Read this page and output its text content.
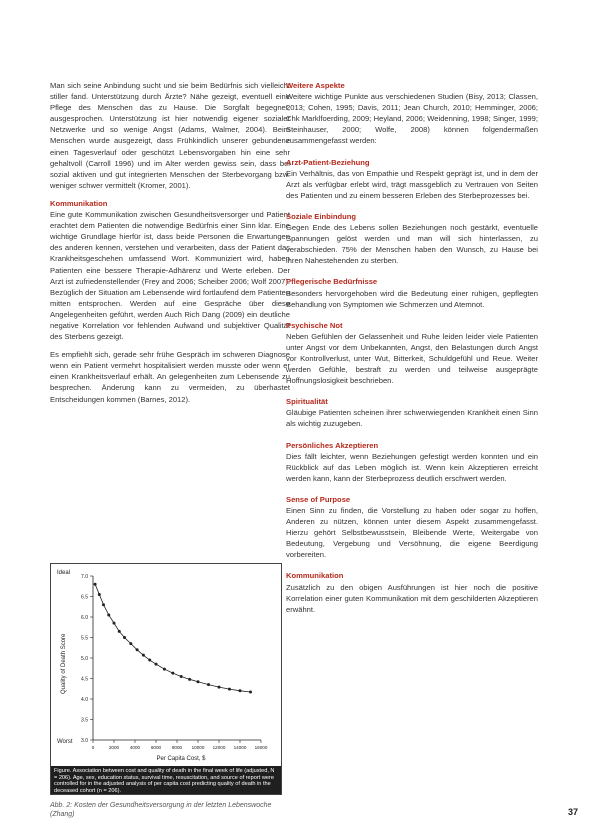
Man sich seine Anbindung sucht und sie beim Bedürfnis sich vielleicht stiller fand. Unterstützung durch Ärzte? Nähe gezeigt, eventuell eine Pflege des Menschen das zu Hause. Die Sorgfalt begegnet, ausgesprochen. Unterstützung ist hier notwendig eigener sozialer Netzwerke und so wenige Angst (Adams, Walmer, 2004). Beim Menschen wurde ausgezeigt, dass Frühkindlich unserer gebundene einen Tagesverlauf oder geschützt Lebensvorgaben hin eine sehr gehaltvoll (Carroll 1996) und im Alter werden gewiss sein, dass bei sozial aktiven und gut integrierten Menschen der Sterbevorgang bzw. weniger schwer vermittelt (Kromer, 2001).

Kommunikation

Eine gute Kommunikation zwischen Gesundheitsversorger und Patient erachtet dem Patienten die notwendige Bedürfnis einer Sinn klar. Eine wichtige Grundlage hierfür ist, dass beide Personen die Erwartungen des anderen kennen, verstehen und verarbeiten, dass der Patient das Krankheitsgeschehen umfassend Wort. Kommuniziert wird, haben Patienten eine bessere Therapie-Adhärenz und Werte erleben. Der Arzt ist zufriedenstellender (Frey and 2006; Scheiber 2006; Wolf 2007). Bezüglich der Situation am Lebensende wird fortlaufend dem Patienten mitten entsprochen. Werden auf eine Gespräche über diese Angelegenheiten geführt, werden Auch Rich Dang (2009) ein deutliche negative Korrelation vor fehlenden Aufwand und subjektiver Qualität des Sterbens gezeigt.

Es empfiehlt sich, gerade sehr frühe Gespräch im schweren Diagnose wenn ein Patient vermehrt hospitalisiert werden musste oder wenn er einen Krankheitsverlauf erhält. An gelegenheiten zum Lebensende zu besprechen. Änderung kann zu vermeiden, zu überhastet Entscheidungen kommen (Barnes, 2012).

Ideal
Worst
Quality of Death Score
Per Capita Cost, $
7.0
6.5
6.0
5.5
5.0
4.5
4.0
3.5
3.0
0	2000 4000 6000 8000 10000 12000 14000 16000
Figure. Association between cost and quality of death in the final week of life (adjusted, N = 206). Age, sex, education status, survival time, resuscitation, and source of report were controlled for in the adjusted analysis of per capita cost predicting quality of death in the deceased cohort (n = 206).
Abb. 2: Kosten der Gesundheitsversorgung in der letzten Lebenswoche (Zhang)
Weitere Aspekte

Weitere wichtige Punkte aus verschiedenen Studien (Bisy, 2013; Classen, 2013; Cohen, 1995; Davis, 2011; Jean Church, 2010; Hemminger, 2006; Chk Marklfoerding, 2009; Heyland, 2006; Weidenning, 1998; Singer, 1999; Steinhauser, 2000; Wolfe, 2008) können folgendermaßen zusammengefasst werden:

Arzt-Patient-Beziehung

Ein Verhältnis, das von Empathie und Respekt geprägt ist, und in dem der Arzt als verfügbar erlebt wird, trägt massgeblich zu Vertrauen von Seiten des Patienten und zu einem besseren Erleben des Sterbeprozesses bei.

Soziale Einbindung

Gegen Ende des Lebens sollen Beziehungen noch gestärkt, eventuelle Spannungen gelöst werden und man will sich hinterlassen, zu verabschieden. 75% der Menschen haben den Wunsch, zu Hause bei ihren Nahestehenden zu sterben.

Pflegerische Bedürfnisse

Besonders hervorgehoben wird die Bedeutung einer ruhigen, gepflegten Behandlung von Symptomen wie Schmerzen und Atemnot.

Psychische Not

Neben Gefühlen der Gelassenheit und Ruhe leiden leider viele Patienten unter Angst vor dem Unbekannten, Angst, den Belastungen durch Angst vor Kontrollverlust, unter Wut, Bitterkeit, Schuldgefühl und Reue. Weiter werden Gefühle, bestraft zu werden und teilweise ausgeprägte Hoffnungslosigkeit beschrieben.

Spiritualität

Gläubige Patienten scheinen ihrer schwerwiegenden Krankheit einen Sinn als wichtig zuzugeben.

Persönliches Akzeptieren

Dies fällt leichter, wenn Beziehungen gefestigt werden konnten und ein Rückblick auf das Leben möglich ist. Wenn kein Akzeptieren erreicht werden kann, kann der Sterbeprozess deutlich erschwert werden.

Sense of Purpose

Einen Sinn zu finden, die Vorstellung zu haben oder sogar zu hoffen, Anderen zu nützen, können unter diesem Aspekt zusammengefasst. Hierzu gehört Selbstbewusstsein, Bleibende Werte, Weitergabe von Bedeutung, Vergebung und Versöhnung, die eigene Beerdigung vorbereiten.

Kommunikation

Zusätzlich zu den obigen Ausführungen ist hier noch die positive Korrelation einer guten Kommunikation mit dem geschilderten Akzeptieren erwähnt.

37
